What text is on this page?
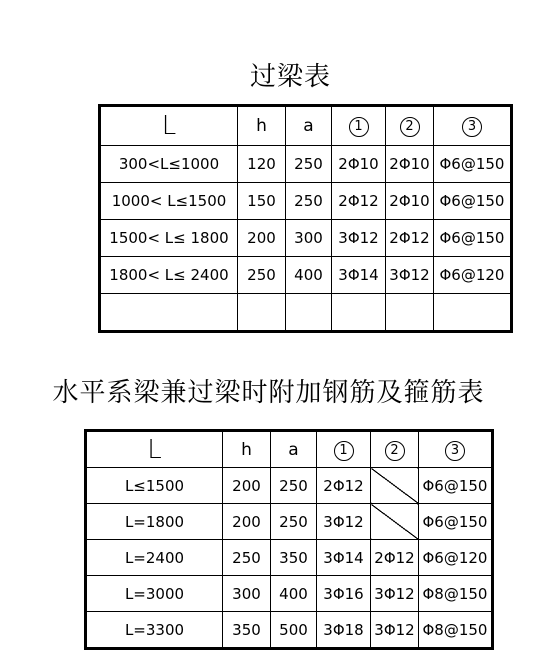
过梁表
L	h	a	1	2	3
300<L≤1000	120	250	2Φ10	2Φ10	Φ6@150
1000< L≤1500	150	250	2Φ12	2Φ10	Φ6@150
1500< L≤ 1800	200	300	3Φ12	2Φ12	Φ6@150
1800< L≤ 2400	250	400	3Φ14	3Φ12	Φ6@120

水平系梁兼过梁时附加钢筋及箍筋表
L	h	a	1	2	3
L≤1500	200	250	2Φ12		Φ6@150
L=1800	200	250	3Φ12		Φ6@150
L=2400	250	350	3Φ14	2Φ12	Φ6@120
L=3000	300	400	3Φ16	3Φ12	Φ8@150
L=3300	350	500	3Φ18	3Φ12	Φ8@150
